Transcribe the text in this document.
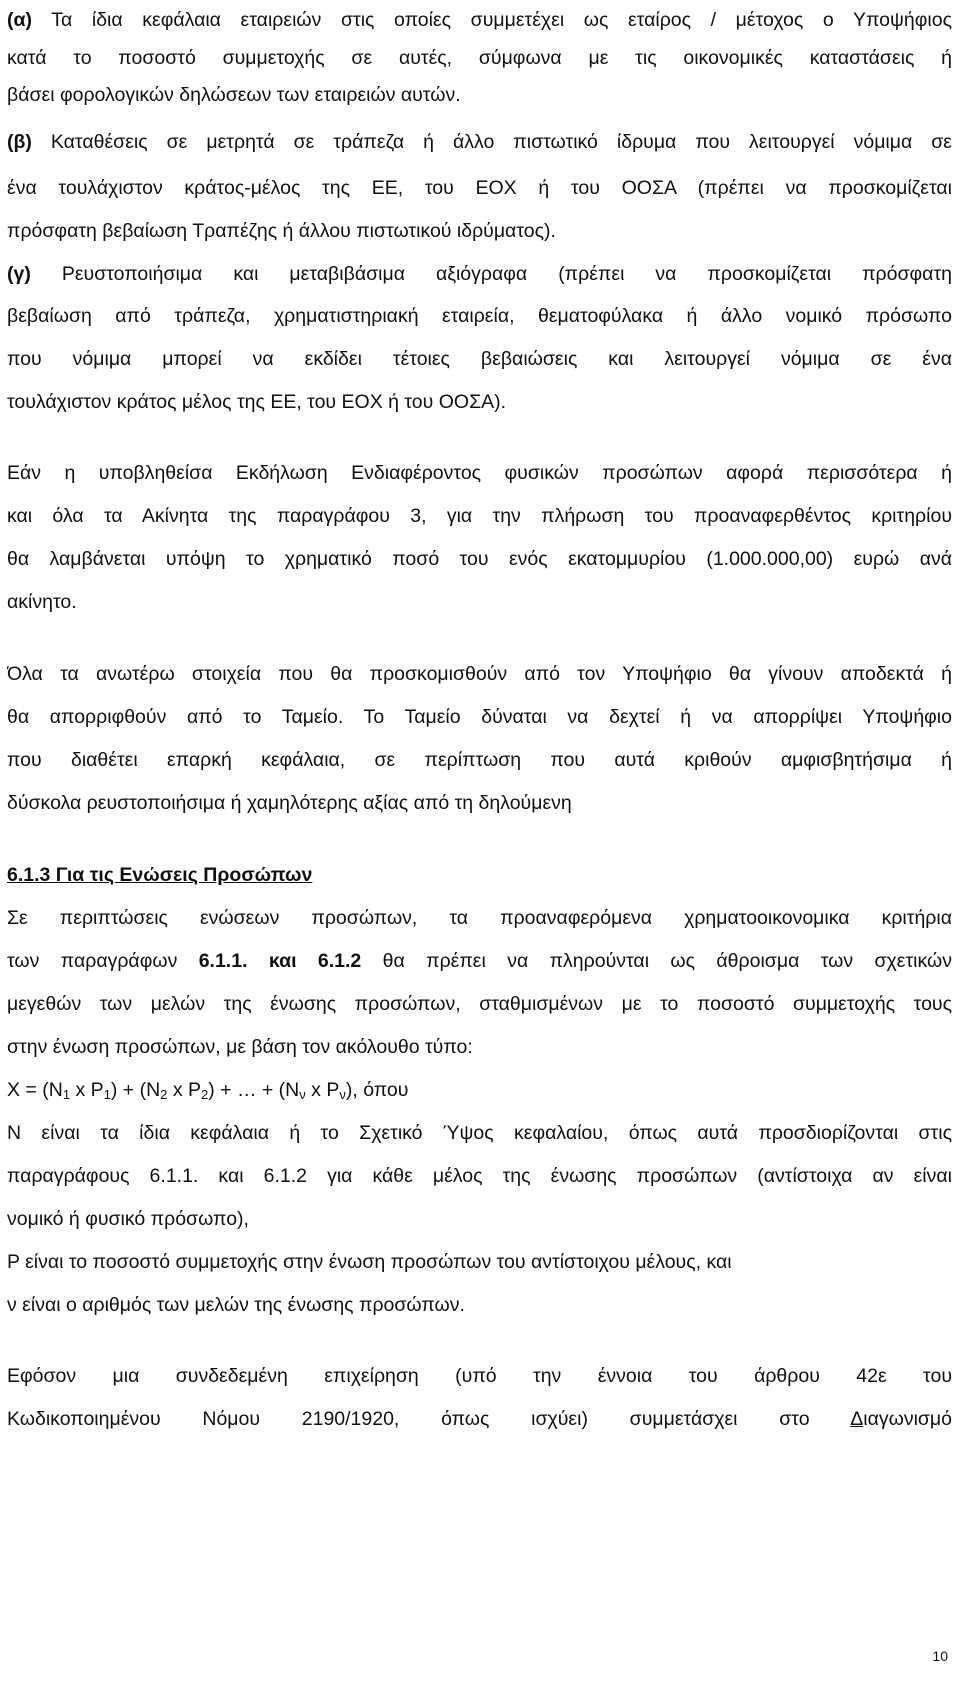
(α) Τα ίδια κεφάλαια εταιρειών στις οποίες συμμετέχει ως εταίρος / μέτοχος ο Υποψήφιος
κατά το ποσοστό συμμετοχής σε αυτές, σύμφωνα με τις οικονομικές καταστάσεις ή
βάσει φορολογικών δηλώσεων των εταιρειών αυτών.
(β) Καταθέσεις σε μετρητά σε τράπεζα ή άλλο πιστωτικό ίδρυμα που λειτουργεί νόμιμα σε
ένα τουλάχιστον κράτος-μέλος της ΕΕ, του ΕΟΧ ή του ΟΟΣΑ (πρέπει να προσκομίζεται
πρόσφατη βεβαίωση Τραπέζης ή άλλου πιστωτικού ιδρύματος).
(γ) Ρευστοποιήσιμα και μεταβιβάσιμα αξιόγραφα (πρέπει να προσκομίζεται πρόσφατη
βεβαίωση από τράπεζα, χρηματιστηριακή εταιρεία, θεματοφύλακα ή άλλο νομικό πρόσωπο
που νόμιμα μπορεί να εκδίδει τέτοιες βεβαιώσεις και λειτουργεί νόμιμα σε ένα
τουλάχιστον κράτος μέλος της ΕΕ, του ΕΟΧ ή του ΟΟΣΑ).
Εάν η υποβληθείσα Εκδήλωση Ενδιαφέροντος φυσικών προσώπων αφορά περισσότερα ή
και όλα τα Ακίνητα της παραγράφου 3, για την πλήρωση του προαναφερθέντος κριτηρίου
θα λαμβάνεται υπόψη το χρηματικό ποσό του ενός εκατομμυρίου (1.000.000,00) ευρώ ανά
ακίνητο.
Όλα τα ανωτέρω στοιχεία που θα προσκομισθούν από τον Υποψήφιο θα γίνουν αποδεκτά ή
θα απορριφθούν από το Ταμείο. Το Ταμείο δύναται να δεχτεί ή να απορρίψει Υποψήφιο
που διαθέτει επαρκή κεφάλαια, σε περίπτωση που αυτά κριθούν αμφισβητήσιμα ή
δύσκολα ρευστοποιήσιμα ή χαμηλότερης αξίας από τη δηλούμενη
6.1.3 Για τις Ενώσεις Προσώπων
Σε περιπτώσεις ενώσεων προσώπων, τα προαναφερόμενα χρηματοοικονομικα κριτήρια
των παραγράφων 6.1.1. και 6.1.2 θα πρέπει να πληρούνται ως άθροισμα των σχετικών
μεγεθών των μελών της ένωσης προσώπων, σταθμισμένων με το ποσοστό συμμετοχής τους
στην ένωση προσώπων, με βάση τον ακόλουθο τύπο:
$X = (N_1$ x $P_1) + (N_2$ x $P_2$) + … + ($N_\nu$ x $P_\nu$), όπου
Ν είναι τα ίδια κεφάλαια ή το Σχετικό Ύψος κεφαλαίου, όπως αυτά προσδιορίζονται στις
παραγράφους 6.1.1. και 6.1.2 για κάθε μέλος της ένωσης προσώπων (αντίστοιχα αν είναι
νομικό ή φυσικό πρόσωπο),
Ρ είναι το ποσοστό συμμετοχής στην ένωση προσώπων του αντίστοιχου μέλους, και
ν είναι ο αριθμός των μελών της ένωσης προσώπων.
Εφόσον μια συνδεδεμένη επιχείρηση (υπό την έννοια του άρθρου 42ε του
Κωδικοποιημένου Νόμου 2190/1920, όπως ισχύει) συμμετάσχει στο Διαγωνισμό
10
